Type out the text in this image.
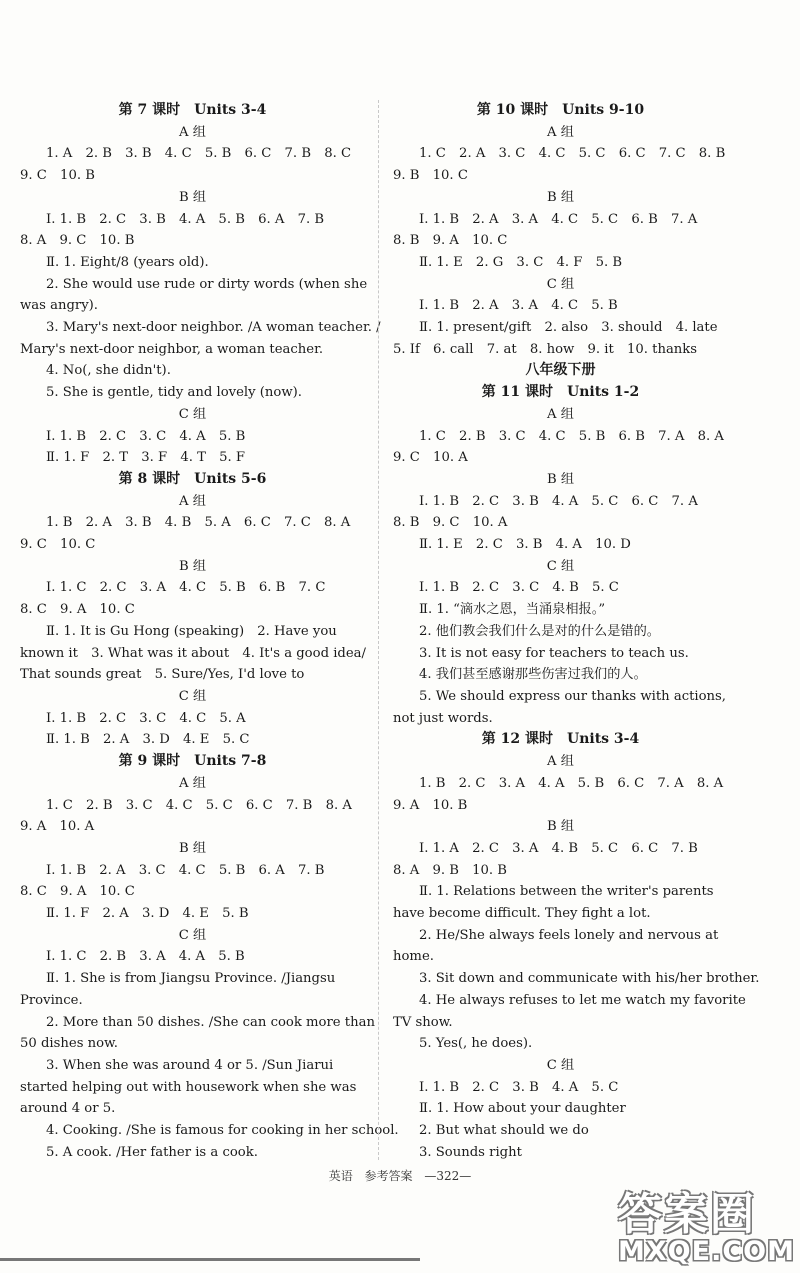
第 7 课时　Units 3-4
A 组
1. A　2. B　3. B　4. C　5. B　6. C　7. B　8. C
9. C　10. B
B 组
Ⅰ. 1. B　2. C　3. B　4. A　5. B　6. A　7. B
8. A　9. C　10. B
Ⅱ. 1. Eight/8 (years old).
2. She would use rude or dirty words (when she
was angry).
3. Mary's next-door neighbor. /A woman teacher. /
Mary's next-door neighbor, a woman teacher.
4. No(, she didn't).
5. She is gentle, tidy and lovely (now).
C 组
Ⅰ. 1. B　2. C　3. C　4. A　5. B
Ⅱ. 1. F　2. T　3. F　4. T　5. F
第 8 课时　Units 5-6
A 组
1. B　2. A　3. B　4. B　5. A　6. C　7. C　8. A
9. C　10. C
B 组
Ⅰ. 1. C　2. C　3. A　4. C　5. B　6. B　7. C
8. C　9. A　10. C
Ⅱ. 1. It is Gu Hong (speaking)　2. Have you
known it　3. What was it about　4. It's a good idea/
That sounds great　5. Sure/Yes, I'd love to
C 组
Ⅰ. 1. B　2. C　3. C　4. C　5. A
Ⅱ. 1. B　2. A　3. D　4. E　5. C
第 9 课时　Units 7-8
A 组
1. C　2. B　3. C　4. C　5. C　6. C　7. B　8. A
9. A　10. A
B 组
Ⅰ. 1. B　2. A　3. C　4. C　5. B　6. A　7. B
8. C　9. A　10. C
Ⅱ. 1. F　2. A　3. D　4. E　5. B
C 组
Ⅰ. 1. C　2. B　3. A　4. A　5. B
Ⅱ. 1. She is from Jiangsu Province. /Jiangsu
Province.
2. More than 50 dishes. /She can cook more than
50 dishes now.
3. When she was around 4 or 5. /Sun Jiarui
started helping out with housework when she was
around 4 or 5.
4. Cooking. /She is famous for cooking in her school.
5. A cook. /Her father is a cook.
第 10 课时　Units 9-10
A 组
1. C　2. A　3. C　4. C　5. C　6. C　7. C　8. B
9. B　10. C
B 组
Ⅰ. 1. B　2. A　3. A　4. C　5. C　6. B　7. A
8. B　9. A　10. C
Ⅱ. 1. E　2. G　3. C　4. F　5. B
C 组
Ⅰ. 1. B　2. A　3. A　4. C　5. B
Ⅱ. 1. present/gift　2. also　3. should　4. late
5. If　6. call　7. at　8. how　9. it　10. thanks
八年级下册
第 11 课时　Units 1-2
A 组
1. C　2. B　3. C　4. C　5. B　6. B　7. A　8. A
9. C　10. A
B 组
Ⅰ. 1. B　2. C　3. B　4. A　5. C　6. C　7. A
8. B　9. C　10. A
Ⅱ. 1. E　2. C　3. B　4. A　10. D
C 组
Ⅰ. 1. B　2. C　3. C　4. B　5. C
Ⅱ. 1. “滴水之恩，当涌泉相报。”
2. 他们教会我们什么是对的什么是错的。
3. It is not easy for teachers to teach us.
4. 我们甚至感谢那些伤害过我们的人。
5. We should express our thanks with actions,
not just words.
第 12 课时　Units 3-4
A 组
1. B　2. C　3. A　4. A　5. B　6. C　7. A　8. A
9. A　10. B
B 组
Ⅰ. 1. A　2. C　3. A　4. B　5. C　6. C　7. B
8. A　9. B　10. B
Ⅱ. 1. Relations between the writer's parents
have become difficult. They fight a lot.
2. He/She always feels lonely and nervous at
home.
3. Sit down and communicate with his/her brother.
4. He always refuses to let me watch my favorite
TV show.
5. Yes(, he does).
C 组
Ⅰ. 1. B　2. C　3. B　4. A　5. C
Ⅱ. 1. How about your daughter
2. But what should we do
3. Sounds right
英语 参考答案 —322—
答案圈
MXQE.COM
